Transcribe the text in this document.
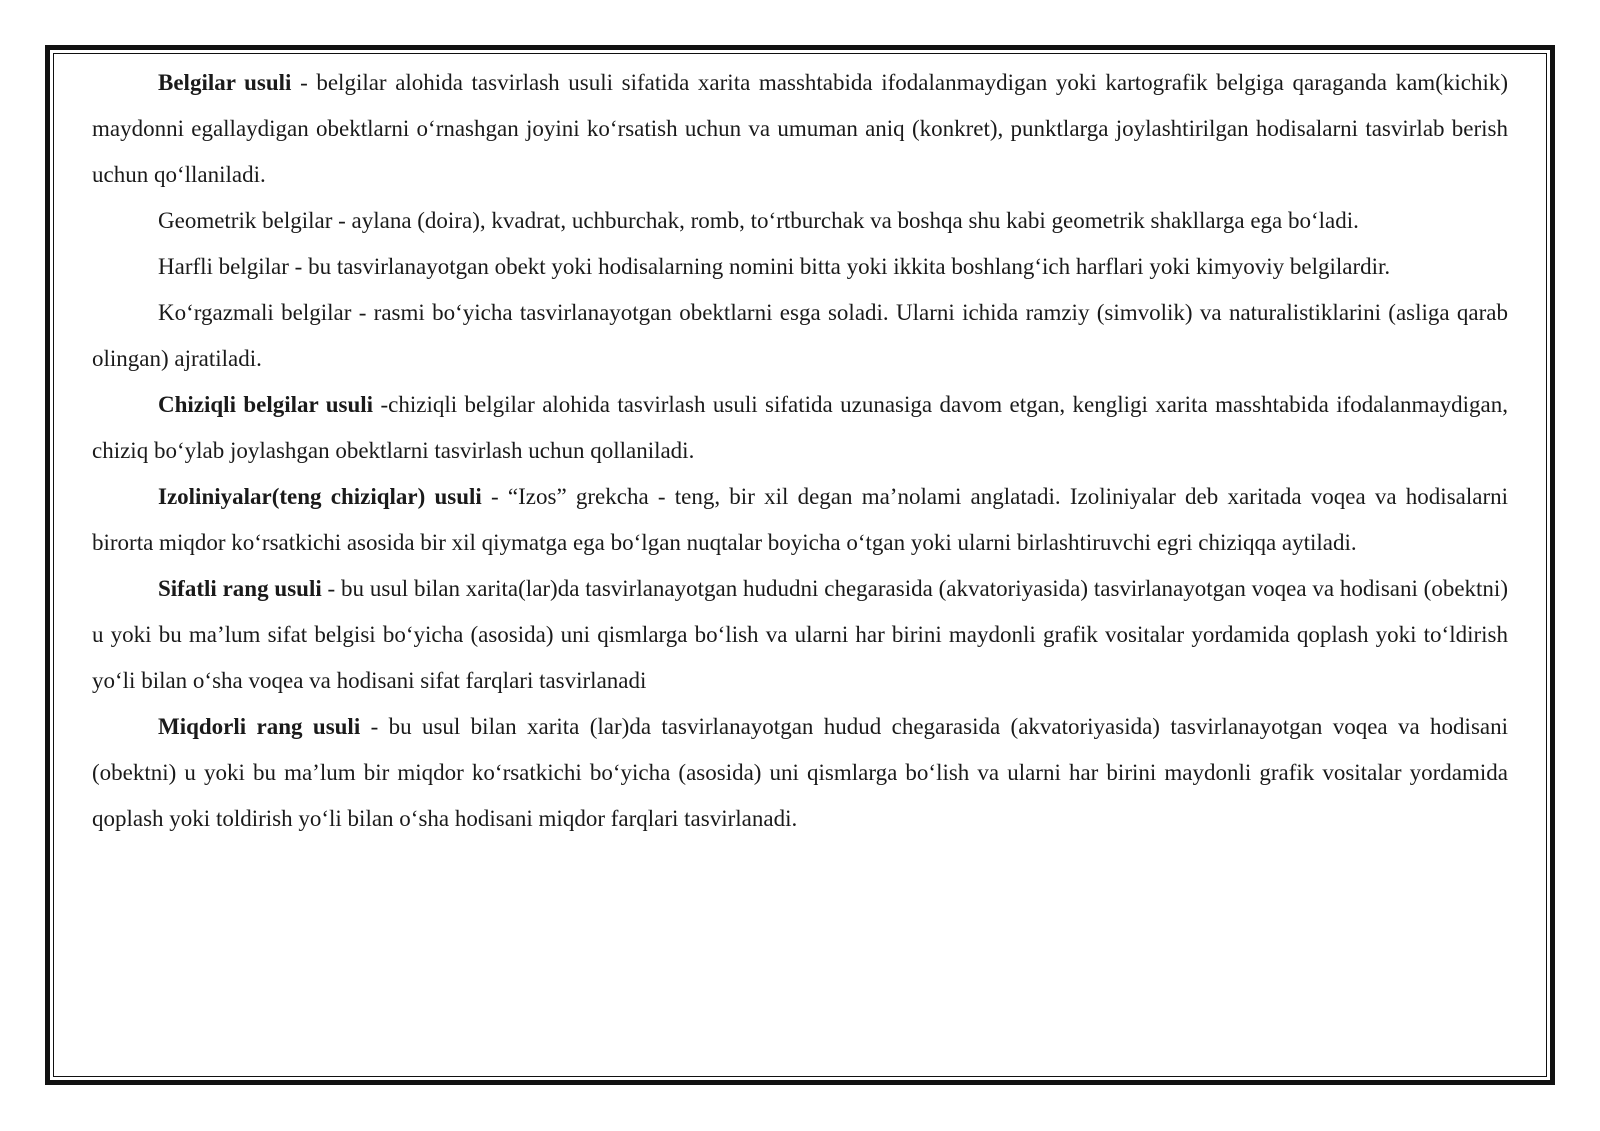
Belgilar usuli - belgilar alohida tasvirlash usuli sifatida xarita masshtabida ifodalanmaydigan yoki kartografik belgiga qaraganda kam(kichik) maydonni egallaydigan obektlarni o‘rnashgan joyini ko‘rsatish uchun va umuman aniq (konkret), punktlarga joylashtirilgan hodisalarni tasvirlab berish uchun qo‘llaniladi.

Geometrik belgilar - aylana (doira), kvadrat, uchburchak, romb, to‘rtburchak va boshqa shu kabi geometrik shakllarga ega bo‘ladi.

Harfli belgilar - bu tasvirlanayotgan obekt yoki hodisalarning nomini bitta yoki ikkita boshlang‘ich harflari yoki kimyoviy belgilardir.

Ko‘rgazmali belgilar - rasmi bo‘yicha tasvirlanayotgan obektlarni esga soladi. Ularni ichida ramziy (simvolik) va naturalistiklarini (asliga qarab olingan) ajratiladi.

Chiziqli belgilar usuli -chiziqli belgilar alohida tasvirlash usuli sifatida uzunasiga davom etgan, kengligi xarita masshtabida ifodalanmaydigan, chiziq bo‘ylab joylashgan obektlarni tasvirlash uchun qollaniladi.

Izoliniyalar(teng chiziqlar) usuli - “Izos” grekcha - teng, bir xil degan ma’nolami anglatadi. Izoliniyalar deb xaritada voqea va hodisalarni birorta miqdor ko‘rsatkichi asosida bir xil qiymatga ega bo‘lgan nuqtalar boyicha o‘tgan yoki ularni birlashtiruvchi egri chiziqqa aytiladi.

Sifatli rang usuli - bu usul bilan xarita(lar)da tasvirlanayotgan hududni chegarasida (akvatoriyasida) tasvirlanayotgan voqea va hodisani (obektni) u yoki bu ma’lum sifat belgisi bo‘yicha (asosida) uni qismlarga bo‘lish va ularni har birini maydonli grafik vositalar yordamida qoplash yoki to‘ldirish yo‘li bilan o‘sha voqea va hodisani sifat farqlari tasvirlanadi

Miqdorli rang usuli - bu usul bilan xarita (lar)da tasvirlanayotgan hudud chegarasida (akvatoriyasida) tasvirlanayotgan voqea va hodisani (obektni) u yoki bu ma’lum bir miqdor ko‘rsatkichi bo‘yicha (asosida) uni qismlarga bo‘lish va ularni har birini maydonli grafik vositalar yordamida qoplash yoki toldirish yo‘li bilan o‘sha hodisani miqdor farqlari tasvirlanadi.
